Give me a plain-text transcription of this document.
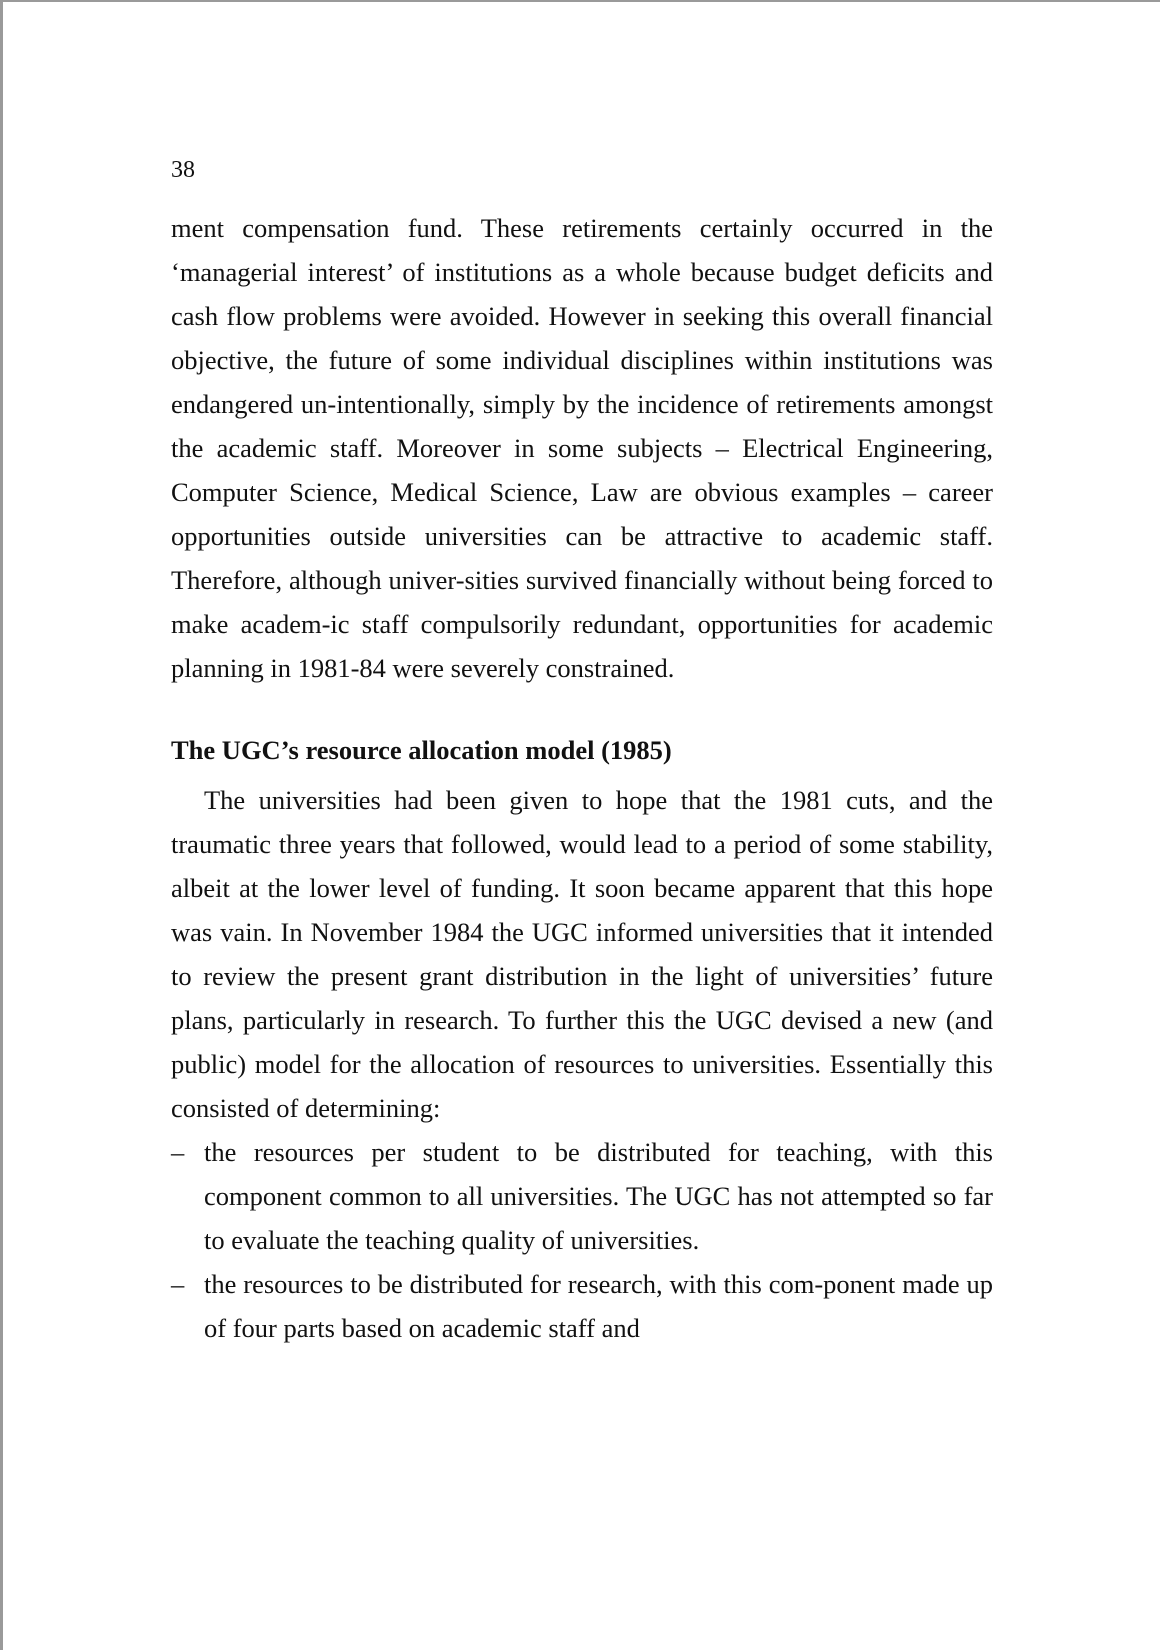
38

ment compensation fund. These retirements certainly occurred in the ‘managerial interest’ of institutions as a whole because budget deficits and cash flow problems were avoided. However in seeking this overall financial objective, the future of some individual disciplines within institutions was endangered un-intentionally, simply by the incidence of retirements amongst the academic staff. Moreover in some subjects – Electrical Engineering, Computer Science, Medical Science, Law are obvious examples – career opportunities outside universities can be attractive to academic staff. Therefore, although univer-sities survived financially without being forced to make academ-ic staff compulsorily redundant, opportunities for academic planning in 1981-84 were severely constrained.

The UGC’s resource allocation model (1985)

The universities had been given to hope that the 1981 cuts, and the traumatic three years that followed, would lead to a period of some stability, albeit at the lower level of funding. It soon became apparent that this hope was vain. In November 1984 the UGC informed universities that it intended to review the present grant distribution in the light of universities’ future plans, particularly in research. To further this the UGC devised a new (and public) model for the allocation of resources to universities. Essentially this consisted of determining:

– the resources per student to be distributed for teaching, with this component common to all universities. The UGC has not attempted so far to evaluate the teaching quality of universities.
– the resources to be distributed for research, with this com-ponent made up of four parts based on academic staff and
